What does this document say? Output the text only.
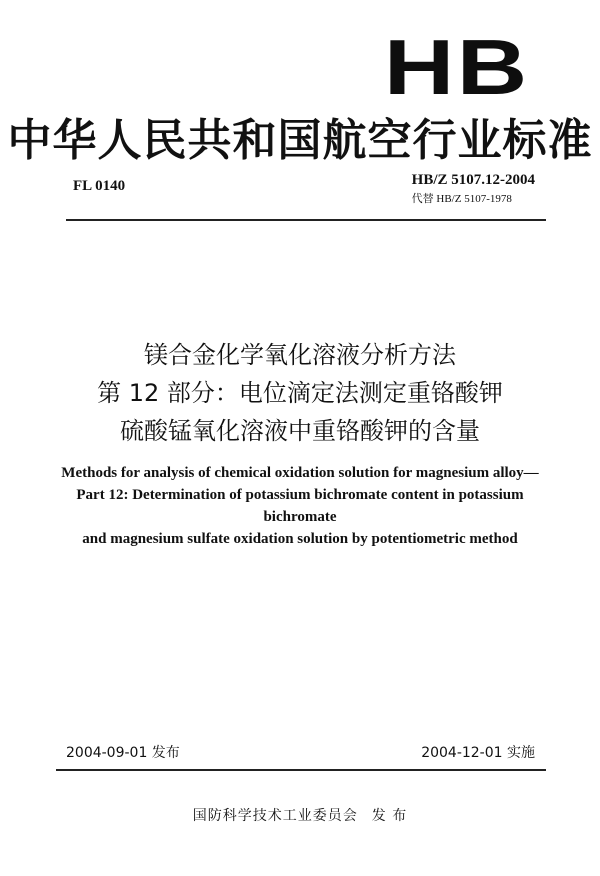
HB
中华人民共和国航空行业标准
FL 0140	HB/Z 5107.12-2004
代替 HB/Z 5107-1978
镁合金化学氧化溶液分析方法
第 12 部分：电位滴定法测定重铬酸钾
硫酸锰氧化溶液中重铬酸钾的含量
Methods for analysis of chemical oxidation solution for magnesium alloy—
Part 12: Determination of potassium bichromate content in potassium bichromate
and magnesium sulfate oxidation solution by potentiometric method
2004-09-01 发布	2004-12-01 实施
国防科学技术工业委员会 发 布
